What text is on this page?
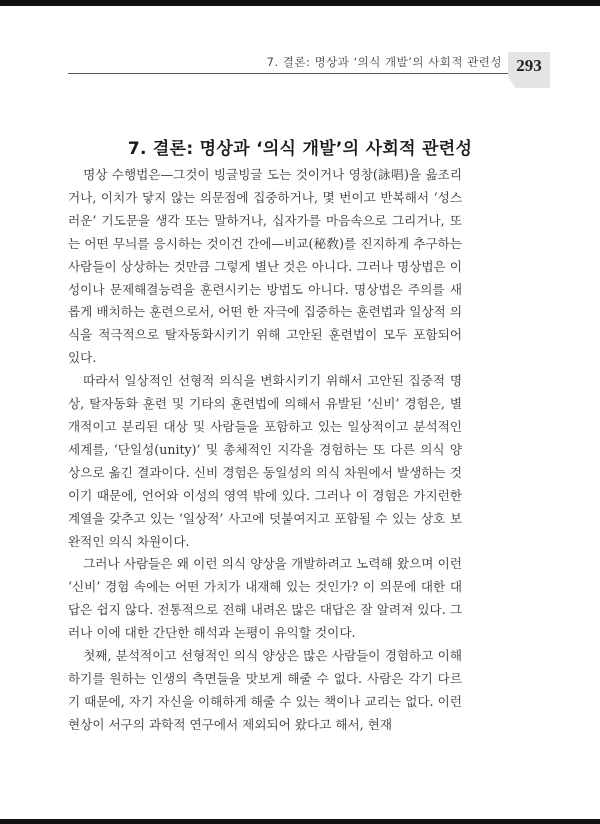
7. 결론: 명상과 ‘의식 개발’의 사회적 관련성 293
7. 결론: 명상과 ‘의식 개발’의 사회적 관련성

명상 수행법은—그것이 빙글빙글 도는 것이거나 영창(詠唱)을 읊조리거나, 이치가 닿지 않는 의문점에 집중하거나, 몇 번이고 반복해서 ‘성스러운’ 기도문을 생각 또는 말하거나, 십자가를 마음속으로 그리거나, 또는 어떤 무늬를 응시하는 것이건 간에—비교(秘敎)를 진지하게 추구하는 사람들이 상상하는 것만큼 그렇게 별난 것은 아니다. 그러나 명상법은 이성이나 문제해결능력을 훈련시키는 방법도 아니다. 명상법은 주의를 새롭게 배치하는 훈련으로서, 어떤 한 자극에 집중하는 훈련법과 일상적 의식을 적극적으로 탈자동화시키기 위해 고안된 훈련법이 모두 포함되어 있다.

따라서 일상적인 선형적 의식을 변화시키기 위해서 고안된 집중적 명상, 탈자동화 훈련 및 기타의 훈련법에 의해서 유발된 ‘신비’ 경험은, 별개적이고 분리된 대상 및 사람들을 포함하고 있는 일상적이고 분석적인 세계를, ‘단일성(unity)’ 및 총체적인 지각을 경험하는 또 다른 의식 양상으로 옮긴 결과이다. 신비 경험은 동일성의 의식 차원에서 발생하는 것이기 때문에, 언어와 이성의 영역 밖에 있다. 그러나 이 경험은 가지런한 계열을 갖추고 있는 ‘일상적’ 사고에 덧붙여지고 포함될 수 있는 상호 보완적인 의식 차원이다.

그러나 사람들은 왜 이런 의식 양상을 개발하려고 노력해 왔으며 이런 ‘신비’ 경험 속에는 어떤 가치가 내재해 있는 것인가? 이 의문에 대한 대답은 쉽지 않다. 전통적으로 전해 내려온 많은 대답은 잘 알려져 있다. 그러나 이에 대한 간단한 해석과 논평이 유익할 것이다.

첫째, 분석적이고 선형적인 의식 양상은 많은 사람들이 경험하고 이해하기를 원하는 인생의 측면들을 맛보게 해줄 수 없다. 사람은 각기 다르기 때문에, 자기 자신을 이해하게 해줄 수 있는 책이나 교리는 없다. 이런 현상이 서구의 과학적 연구에서 제외되어 왔다고 해서, 현재
